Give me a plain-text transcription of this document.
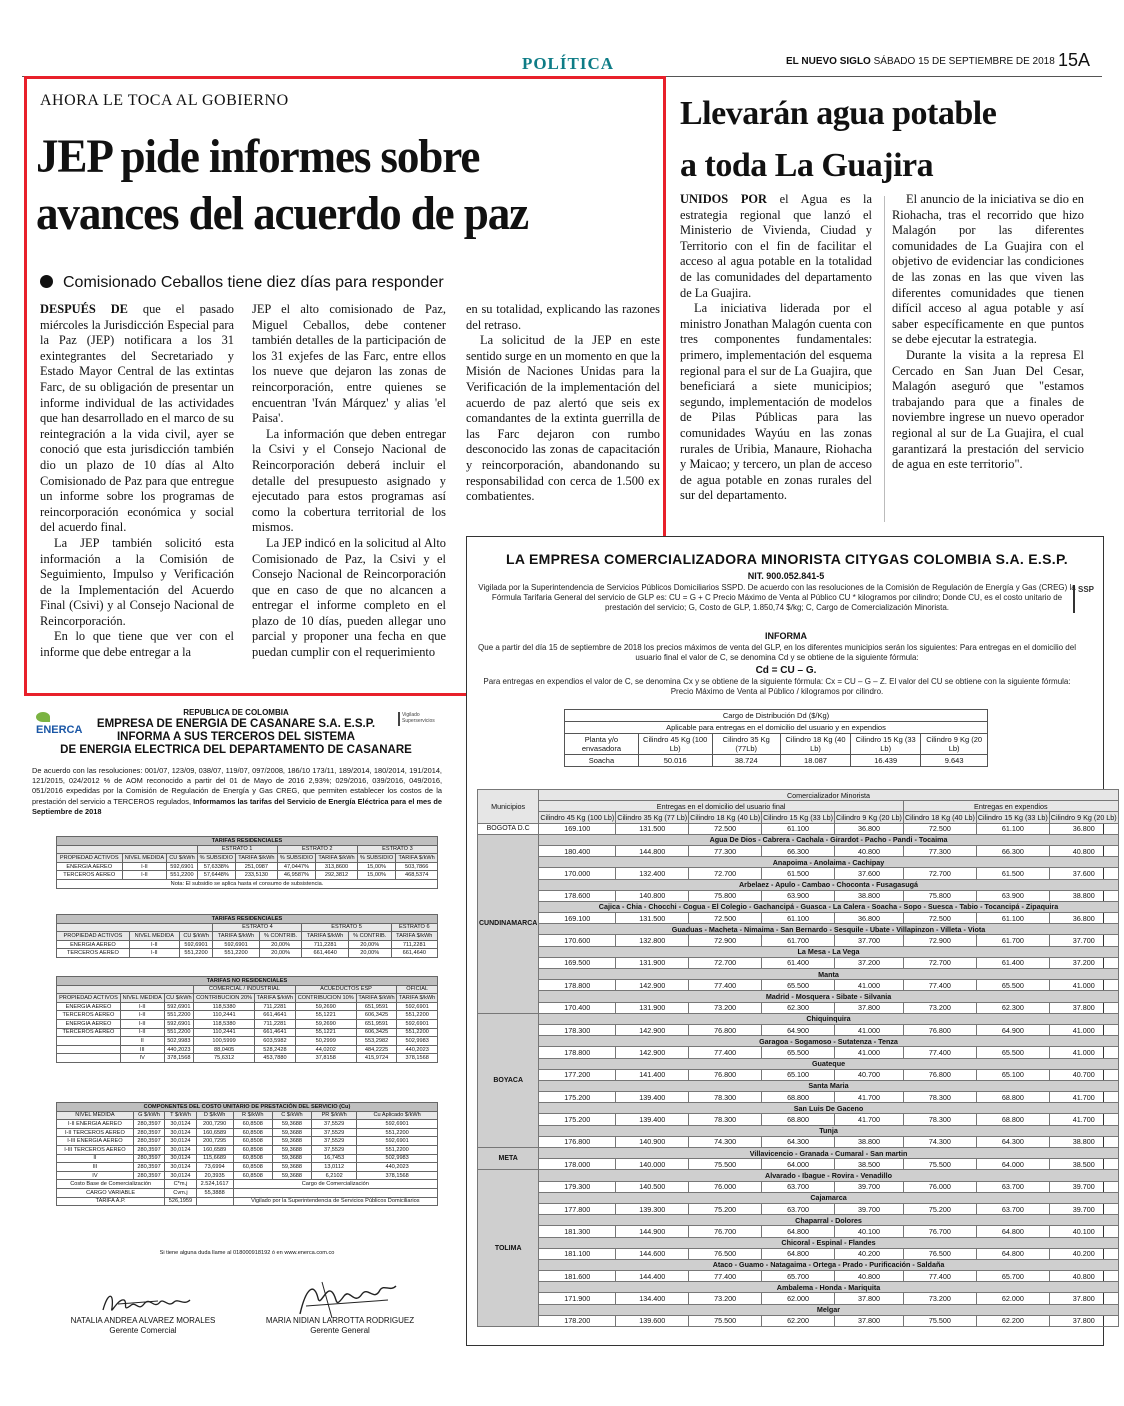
POLÍTICA	EL NUEVO SIGLO SÁBADO 15 DE SEPTIEMBRE DE 2018 15A
AHORA LE TOCA AL GOBIERNO
JEP pide informes sobre
avances del acuerdo de paz
Comisionado Ceballos tiene diez días para responder

DESPUÉS DE que el pasado miércoles la Jurisdicción Especial para la Paz (JEP) notificara a los 31 exintegrantes del Secretariado y Estado Mayor Central de las extintas Farc, de su obligación de presentar un informe individual de las actividades que han desarrollado en el marco de su reintegración a la vida civil, ayer se conoció que esta jurisdicción también dio un plazo de 10 días al Alto Comisionado de Paz para que entregue un informe sobre los programas de reincorporación económica y social del acuerdo final.

La JEP también solicitó esta información a la Comisión de Seguimiento, Impulso y Verificación de la Implementación del Acuerdo Final (Csivi) y al Consejo Nacional de Reincorporación.

En lo que tiene que ver con el informe que debe entregar a la

JEP el alto comisionado de Paz, Miguel Ceballos, debe contener también detalles de la participación de los 31 exjefes de las Farc, entre ellos los nueve que dejaron las zonas de reincorporación, entre quienes se encuentran 'Iván Márquez' y alias 'el Paisa'.

La información que deben entregar la Csivi y el Consejo Nacional de Reincorporación deberá incluir el detalle del presupuesto asignado y ejecutado para estos programas así como la cobertura territorial de los mismos.

La JEP indicó en la solicitud al Alto Comisionado de Paz, la Csivi y el Consejo Nacional de Reincorporación que en caso de que no alcancen a entregar el informe completo en el plazo de 10 días, pueden allegar uno parcial y proponer una fecha en que puedan cumplir con el requerimiento

en su totalidad, explicando las razones del retraso.

La solicitud de la JEP en este sentido surge en un momento en que la Misión de Naciones Unidas para la Verificación de la implementación del acuerdo de paz alertó que seis ex comandantes de la extinta guerrilla de las Farc dejaron con rumbo desconocido las zonas de capacitación y reincorporación, abandonando su responsabilidad con cerca de 1.500 ex combatientes.

Llevarán agua potable
a toda La Guajira

UNIDOS POR el Agua es la estrategia regional que lanzó el Ministerio de Vivienda, Ciudad y Territorio con el fin de facilitar el acceso al agua potable en la totalidad de las comunidades del departamento de La Guajira.

La iniciativa liderada por el ministro Jonathan Malagón cuenta con tres componentes fundamentales: primero, implementación del esquema regional para el sur de La Guajira, que beneficiará a siete municipios; segundo, implementación de modelos de Pilas Públicas para las comunidades Wayúu en las zonas rurales de Uribia, Manaure, Riohacha y Maicao; y tercero, un plan de acceso de agua potable en zonas rurales del sur del departamento.

El anuncio de la iniciativa se dio en Riohacha, tras el recorrido que hizo Malagón por las diferentes comunidades de La Guajira con el objetivo de evidenciar las condiciones de las zonas en las que viven las diferentes comunidades que tienen difícil acceso al agua potable y así saber específicamente en que puntos se debe ejecutar la estrategia.

Durante la visita a la represa El Cercado en San Juan Del Cesar, Malagón aseguró que "estamos trabajando para que a finales de noviembre ingrese un nuevo operador regional al sur de La Guajira, el cual garantizará la prestación del servicio de agua en este territorio".

LA EMPRESA COMERCIALIZADORA MINORISTA CITYGAS COLOMBIA S.A. E.S.P.
NIT. 900.052.841-5
SSP
Vigilada por la Superintendencia de Servicios Públicos Domiciliarios SSPD. De acuerdo con las resoluciones de la Comisión de Regulación de Energía y Gas (CREG) la Fórmula Tarifaria General del servicio de GLP es: CU = G + C Precio Máximo de Venta al Público CU * kilogramos por cilindro; Donde CU, es el costo unitario de prestación del servicio; G, Costo de GLP, 1.850,74 $/kg; C, Cargo de Comercialización Minorista.
INFORMA
Que a partir del día 15 de septiembre de 2018 los precios máximos de venta del GLP, en los diferentes municipios serán los siguientes: Para entregas en el domicilio del usuario final el valor de C, se denomina Cd y se obtiene de la siguiente fórmula:
Cd = CU – G.
Para entregas en expendios el valor de C, se denomina Cx y se obtiene de la siguiente fórmula: Cx = CU – G – Z. El valor del CU se obtiene con la siguiente fórmula: Precio Máximo de Venta al Público / kilogramos por cilindro.
Cargo de Distribución Dd ($/Kg)					
Aplicable para entregas en el domicilio del usuario y en expendios					
Planta y/o envasadora	Cilindro 45 Kg (100 Lb)	Cilindro 35 Kg (77Lb)	Cilindro 18 Kg (40 Lb)	Cilindro 15 Kg (33 Lb)	Cilindro 9 Kg (20 Lb)
Soacha	50.016	38.724	18.087	16.439	9.643
Municipios	Comercializador Minorista							
	Entregas en el domicilio del usuario final					Entregas en expendios		
	Cilindro 45 Kg (100 Lb)	Cilindro 35 Kg (77 Lb)	Cilindro 18 Kg (40 Lb)	Cilindro 15 Kg (33 Lb)	Cilindro 9 Kg (20 Lb)	Cilindro 18 Kg (40 Lb)	Cilindro 15 Kg (33 Lb)	Cilindro 9 Kg (20 Lb)
BOGOTA D.C	169.100	131.500	72.500	61.100	36.800	72.500	61.100	36.800
CUNDINAMARCA	Agua De Dios - Cabrera - Cachala - Girardot - Pacho - Pandi - Tocaima							
	180.400	144.800	77.300	66.300	40.800	77.300	66.300	40.800
	Anapoima - Anolaima - Cachipay							
	170.000	132.400	72.700	61.500	37.600	72.700	61.500	37.600
	Arbelaez - Apulo - Cambao - Choconta - Fusagasugá							
	178.600	140.800	75.800	63.900	38.800	75.800	63.900	38.800
	Cajica - Chia - Chocchi - Cogua - El Colegio - Gachancipá - Guasca - La Calera - Soacha - Sopo - Suesca - Tabio - Tocancipá - Zipaquira							
	169.100	131.500	72.500	61.100	36.800	72.500	61.100	36.800
	Guaduas - Macheta - Nimaima - San Bernardo - Sesquile - Ubate - Villapinzon - Villeta - Viota							
	170.600	132.800	72.900	61.700	37.700	72.900	61.700	37.700
	La Mesa - La Vega							
	169.500	131.900	72.700	61.400	37.200	72.700	61.400	37.200
	Manta							
	178.800	142.900	77.400	65.500	41.000	77.400	65.500	41.000
	Madrid - Mosquera - Sibate - Silvania							
	170.400	131.900	73.200	62.300	37.800	73.200	62.300	37.800
BOYACA	Chiquinquira							
	178.300	142.900	76.800	64.900	41.000	76.800	64.900	41.000
	Garagoa - Sogamoso - Sutatenza - Tenza							
	178.800	142.900	77.400	65.500	41.000	77.400	65.500	41.000
	Guateque							
	177.200	141.400	76.800	65.100	40.700	76.800	65.100	40.700
	Santa Maria							
	175.200	139.400	78.300	68.800	41.700	78.300	68.800	41.700
	San Luis De Gaceno							
	175.200	139.400	78.300	68.800	41.700	78.300	68.800	41.700
	Tunja							
	176.800	140.900	74.300	64.300	38.800	74.300	64.300	38.800
META	Villavicencio - Granada - Cumaral - San martin							
	178.000	140.000	75.500	64.000	38.500	75.500	64.000	38.500
TOLIMA	Alvarado - Ibague - Rovira - Venadillo							
	179.300	140.500	76.000	63.700	39.700	76.000	63.700	39.700
	Cajamarca							
	177.800	139.300	75.200	63.700	39.700	75.200	63.700	39.700
	Chaparral - Dolores							
	181.300	144.900	76.700	64.800	40.100	76.700	64.800	40.100
	Chicoral - Espinal - Flandes							
	181.100	144.600	76.500	64.800	40.200	76.500	64.800	40.200
	Ataco - Guamo - Natagaima - Ortega - Prado - Purificación - Saldaña							
	181.600	144.400	77.400	65.700	40.800	77.400	65.700	40.800
	Ambalema - Honda - Mariquita							
	171.900	134.400	73.200	62.000	37.800	73.200	62.000	37.800
	Melgar							
	178.200	139.600	75.500	62.200	37.800	75.500	62.200	37.800
ENERCA
Vigilado Superservicios
REPUBLICA DE COLOMBIA
EMPRESA DE ENERGIA DE CASANARE S.A. E.S.P.
INFORMA A SUS TERCEROS DEL SISTEMA
DE ENERGIA ELECTRICA DEL DEPARTAMENTO DE CASANARE
De acuerdo con las resoluciones: 001/07, 123/09, 038/07, 119/07, 097/2008, 186/10 173/11, 189/2014, 180/2014, 191/2014, 121/2015, 024/2012 % de AOM reconocido a partir del 01 de Mayo de 2016 2,93%; 029/2016, 039/2016, 049/2016, 051/2016 expedidas por la Comisión de Regulación de Energía y Gas CREG, que permiten establecer los costos de la prestación del servicio a TERCEROS regulados, Informamos las tarifas del Servicio de Energía Eléctrica para el mes de Septiembre de 2018
TARIFAS RESIDENCIALES								
			ESTRATO 1		ESTRATO 2		ESTRATO 3	
PROPIEDAD ACTIVOS	NIVEL MEDIDA	CU $/kWh	% SUBSIDIO	TARIFA $/kWh	% SUBSIDIO	TARIFA $/kWh	% SUBSIDIO	TARIFA $/kWh
ENERGIA AEREO	I-II	592,6901	57,6338%	251,0987	47,0447%	313,8600	15,00%	503,7866
TERCEROS AEREO	I-II	551,2200	57,6448%	233,5130	46,9587%	292,3812	15,00%	468,5374
Nota: El subsidio se aplica hasta el consumo de subsistencia.								
TARIFAS RESIDENCIALES							
			ESTRATO 4		ESTRATO 5		ESTRATO 6
PROPIEDAD ACTIVOS	NIVEL MEDIDA	CU $/kWh	TARIFA $/kWh	% CONTRIB.	TARIFA $/kWh	% CONTRIB.	TARIFA $/kWh
ENERGIA AEREO	I-II	592,6901	592,6901	20,00%	711,2281	20,00%	711,2281
TERCEROS AEREO	I-II	551,2200	551,2200	20,00%	661,4640	20,00%	661,4640
TARIFAS NO RESIDENCIALES							
			COMERCIAL / INDUSTRIAL		ACUEDUCTOS ESP		OFICIAL
PROPIEDAD ACTIVOS	NIVEL MEDIDA	CU $/kWh	CONTRIBUCION 20%	TARIFA $/kWh	CONTRIBUCION 10%	TARIFA $/kWh	TARIFA $/kWh
ENERGIA AEREO	I-II	592,6901	118,5380	711,2281	59,2690	651,9591	592,6901
TERCEROS AEREO	I-II	551,2200	110,2441	661,4641	55,1221	606,3425	551,2200
ENERGIA AEREO	I-II	592,6901	118,5380	711,2281	59,2690	651,9591	592,6901
TERCEROS AEREO	I-II	551,2200	110,2441	661,4641	55,1221	606,3425	551,2200
	II	502,9983	100,5999	603,5982	50,2999	553,2982	502,9983
	III	440,2023	88,0405	528,2428	44,0202	484,2225	440,2023
	IV	378,1568	75,6312	453,7880	37,8158	415,9724	378,1568
COMPONENTES DEL COSTO UNITARIO DE PRESTACIÓN DEL SERVICIO (Cu)							
NIVEL MEDIDA	G $/kWh	T $/kWh	D $/kWh	R $/kWh	C $/kWh	PR $/kWh	Cu Aplicado $/kWh
I-II ENERGIA AEREO	280,3597	30,0124	200,7290	60,8508	59,3688	37,5529	592,6901
I-II TERCEROS AEREO	280,3597	30,0124	160,6589	60,8508	59,3688	37,5529	551,2200
I-III ENERGIA AEREO	280,3597	30,0124	200,7295	60,8508	59,3688	37,5529	592,6901
I-III TERCEROS AEREO	280,3597	30,0124	160,6589	60,8508	59,3688	37,5529	551,2200
II	280,3597	30,0124	115,6689	60,8508	59,3688	16,7453	502,9983
III	280,3597	30,0124	73,6994	60,8508	59,3688	13,0112	440,2023
IV	280,3597	30,0124	20,3935	60,8508	59,3688	6,2102	378,1568
Costo Base de Comercialización		C*m.j	2.524,1617	Cargo de Comercialización			
CARGO VARIABLE		Cvm.j	55,3888				
TARIFA A.P.		526,1959		Vigilado por la Superintendencia de Servicios Públicos Domiciliarios			
Si tiene alguna duda llame al 018000918192 ó en www.enerca.com.co
NATALIA ANDREA ALVAREZ MORALES
Gerente Comercial
MARIA NIDIAN LARROTTA RODRIGUEZ
Gerente General
